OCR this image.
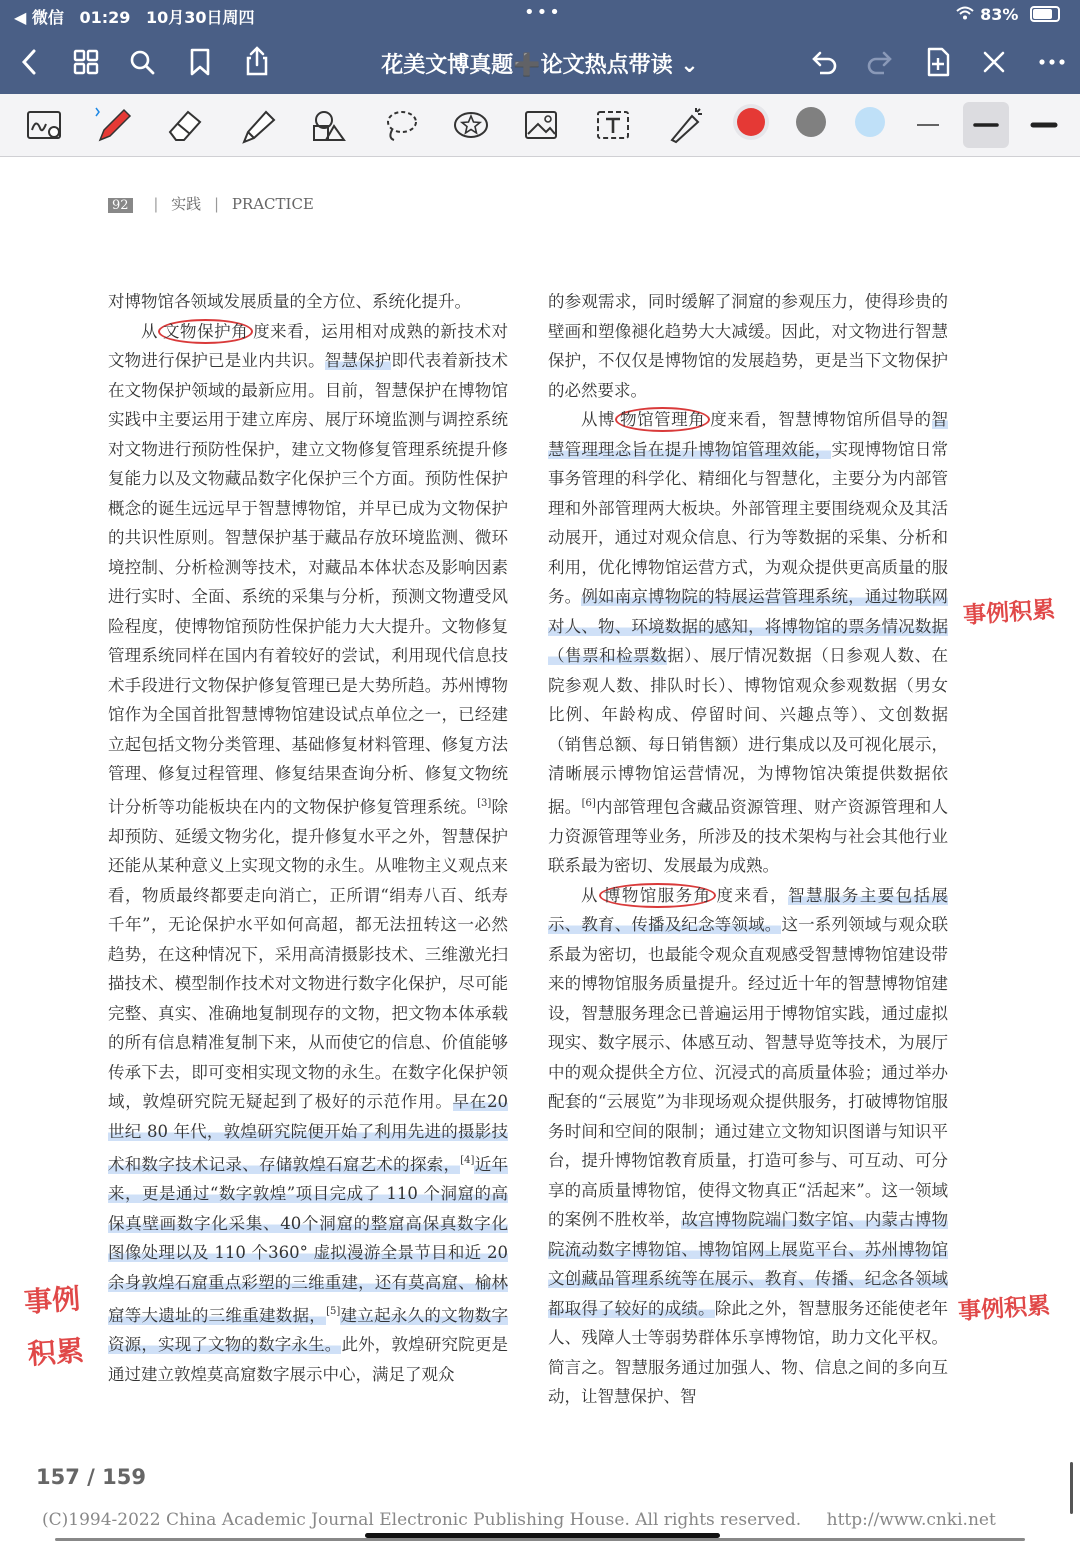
◀ 微信 01:29 10月30日周四	•••	83%
花美文博真题➕论文热点带读 ⌄
92 | 实践 | PRACTICE

对博物馆各领域发展质量的全方位、系统化提升。

从 文物保护角 度来看，运用相对成熟的新技术对文物进行保护已是业内共识。智慧保护即代表着新技术在文物保护领域的最新应用。目前，智慧保护在博物馆实践中主要运用于建立库房、展厅环境监测与调控系统对文物进行预防性保护，建立文物修复管理系统提升修复能力以及文物藏品数字化保护三个方面。预防性保护概念的诞生远远早于智慧博物馆，并早已成为文物保护的共识性原则。智慧保护基于藏品存放环境监测、微环境控制、分析检测等技术，对藏品本体状态及影响因素进行实时、全面、系统的采集与分析，预测文物遭受风险程度，使博物馆预防性保护能力大大提升。文物修复管理系统同样在国内有着较好的尝试，利用现代信息技术手段进行文物保护修复管理已是大势所趋。苏州博物馆作为全国首批智慧博物馆建设试点单位之一，已经建立起包括文物分类管理、基础修复材料管理、修复方法管理、修复过程管理、修复结果查询分析、修复文物统计分析等功能板块在内的文物保护修复管理系统。[3]除却预防、延缓文物劣化，提升修复水平之外，智慧保护还能从某种意义上实现文物的永生。从唯物主义观点来看，物质最终都要走向消亡，正所谓“绢寿八百、纸寿千年”，无论保护水平如何高超，都无法扭转这一必然趋势，在这种情况下，采用高清摄影技术、三维激光扫描技术、模型制作技术对文物进行数字化保护，尽可能完整、真实、准确地复制现存的文物，把文物本体承载的所有信息精准复制下来，从而使它的信息、价值能够传承下去，即可变相实现文物的永生。在数字化保护领域，敦煌研究院无疑起到了极好的示范作用。早在20 世纪 80 年代，敦煌研究院便开始了利用先进的摄影技术和数字技术记录、存储敦煌石窟艺术的探索，[4]近年来，更是通过“数字敦煌”项目完成了 110 个洞窟的高保真壁画数字化采集、40个洞窟的整窟高保真数字化图像处理以及 110 个360° 虚拟漫游全景节目和近 20 余身敦煌石窟重点彩塑的三维重建，还有莫高窟、榆林窟等大遗址的三维重建数据，[5]建立起永久的文物数字资源，实现了文物的数字永生。此外，敦煌研究院更是通过建立敦煌莫高窟数字展示中心，满足了观众

的参观需求，同时缓解了洞窟的参观压力，使得珍贵的壁画和塑像褪化趋势大大减缓。因此，对文物进行智慧保护，不仅仅是博物馆的发展趋势，更是当下文物保护的必然要求。

从博 物馆管理角 度来看，智慧博物馆所倡导的智慧管理理念旨在提升博物馆管理效能，实现博物馆日常事务管理的科学化、精细化与智慧化，主要分为内部管理和外部管理两大板块。外部管理主要围绕观众及其活动展开，通过对观众信息、行为等数据的采集、分析和利用，优化博物馆运营方式，为观众提供更高质量的服务。例如南京博物院的特展运营管理系统，通过物联网对人、物、环境数据的感知，将博物馆的票务情况数据（售票和检票数据）、展厅情况数据（日参观人数、在院参观人数、排队时长）、博物馆观众参观数据（男女比例、年龄构成、停留时间、兴趣点等）、文创数据（销售总额、每日销售额）进行集成以及可视化展示，清晰展示博物馆运营情况，为博物馆决策提供数据依据。[6]内部管理包含藏品资源管理、财产资源管理和人力资源管理等业务，所涉及的技术架构与社会其他行业联系最为密切、发展最为成熟。

从 博物馆服务角 度来看，智慧服务主要包括展示、教育、传播及纪念等领域。这一系列领域与观众联系最为密切，也最能令观众直观感受智慧博物馆建设带来的博物馆服务质量提升。经过近十年的智慧博物馆建设，智慧服务理念已普遍运用于博物馆实践，通过虚拟现实、数字展示、体感互动、智慧导览等技术，为展厅中的观众提供全方位、沉浸式的高质量体验；通过举办配套的“云展览”为非现场观众提供服务，打破博物馆服务时间和空间的限制；通过建立文物知识图谱与知识平台，提升博物馆教育质量，打造可参与、可互动、可分享的高质量博物馆，使得文物真正“活起来”。这一领域的案例不胜枚举，故宫博物院端门数字馆、内蒙古博物院流动数字博物馆、博物馆网上展览平台、苏州博物馆文创藏品管理系统等在展示、教育、传播、纪念各领域都取得了较好的成绩。除此之外，智慧服务还能使老年人、残障人士等弱势群体乐享博物馆，助力文化平权。简言之。智慧服务通过加强人、物、信息之间的多向互动，让智慧保护、智

事例积累
事例积累
事例积累
157 / 159
(C)1994-2022 China Academic Journal Electronic Publishing House. All rights reserved. http://www.cnki.net
